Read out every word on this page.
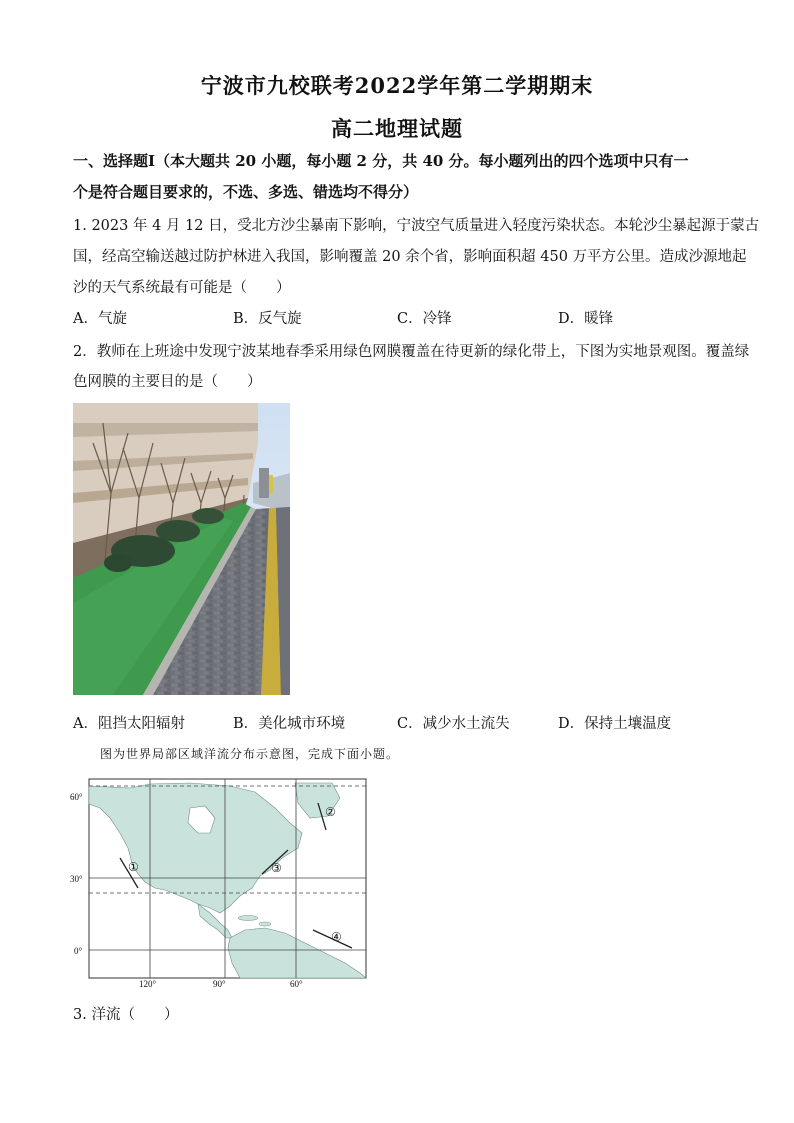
宁波市九校联考2022学年第二学期期末
高二地理试题
一、选择题Ⅰ（本大题共 20 小题，每小题 2 分，共 40 分。每小题列出的四个选项中只有一
个是符合题目要求的，不选、多选、错选均不得分）
1. 2023 年 4 月 12 日，受北方沙尘暴南下影响，宁波空气质量进入轻度污染状态。本轮沙尘暴起源于蒙古
国，经高空输送越过防护林进入我国，影响覆盖 20 余个省，影响面积超 450 万平方公里。造成沙源地起
沙的天气系统最有可能是（　　）
A．气旋	B．反气旋	C．冷锋	D．暖锋
2．教师在上班途中发现宁波某地春季采用绿色网膜覆盖在待更新的绿化带上，下图为实地景观图。覆盖绿
色网膜的主要目的是（　　）
A．阻挡太阳辐射	B．美化城市环境	C．减少水土流失	D．保持土壤温度
图为世界局部区域洋流分布示意图，完成下面小题。
60°
30°
0°
120°	90°	60°
①
②
③
④
3. 洋流（　　）
